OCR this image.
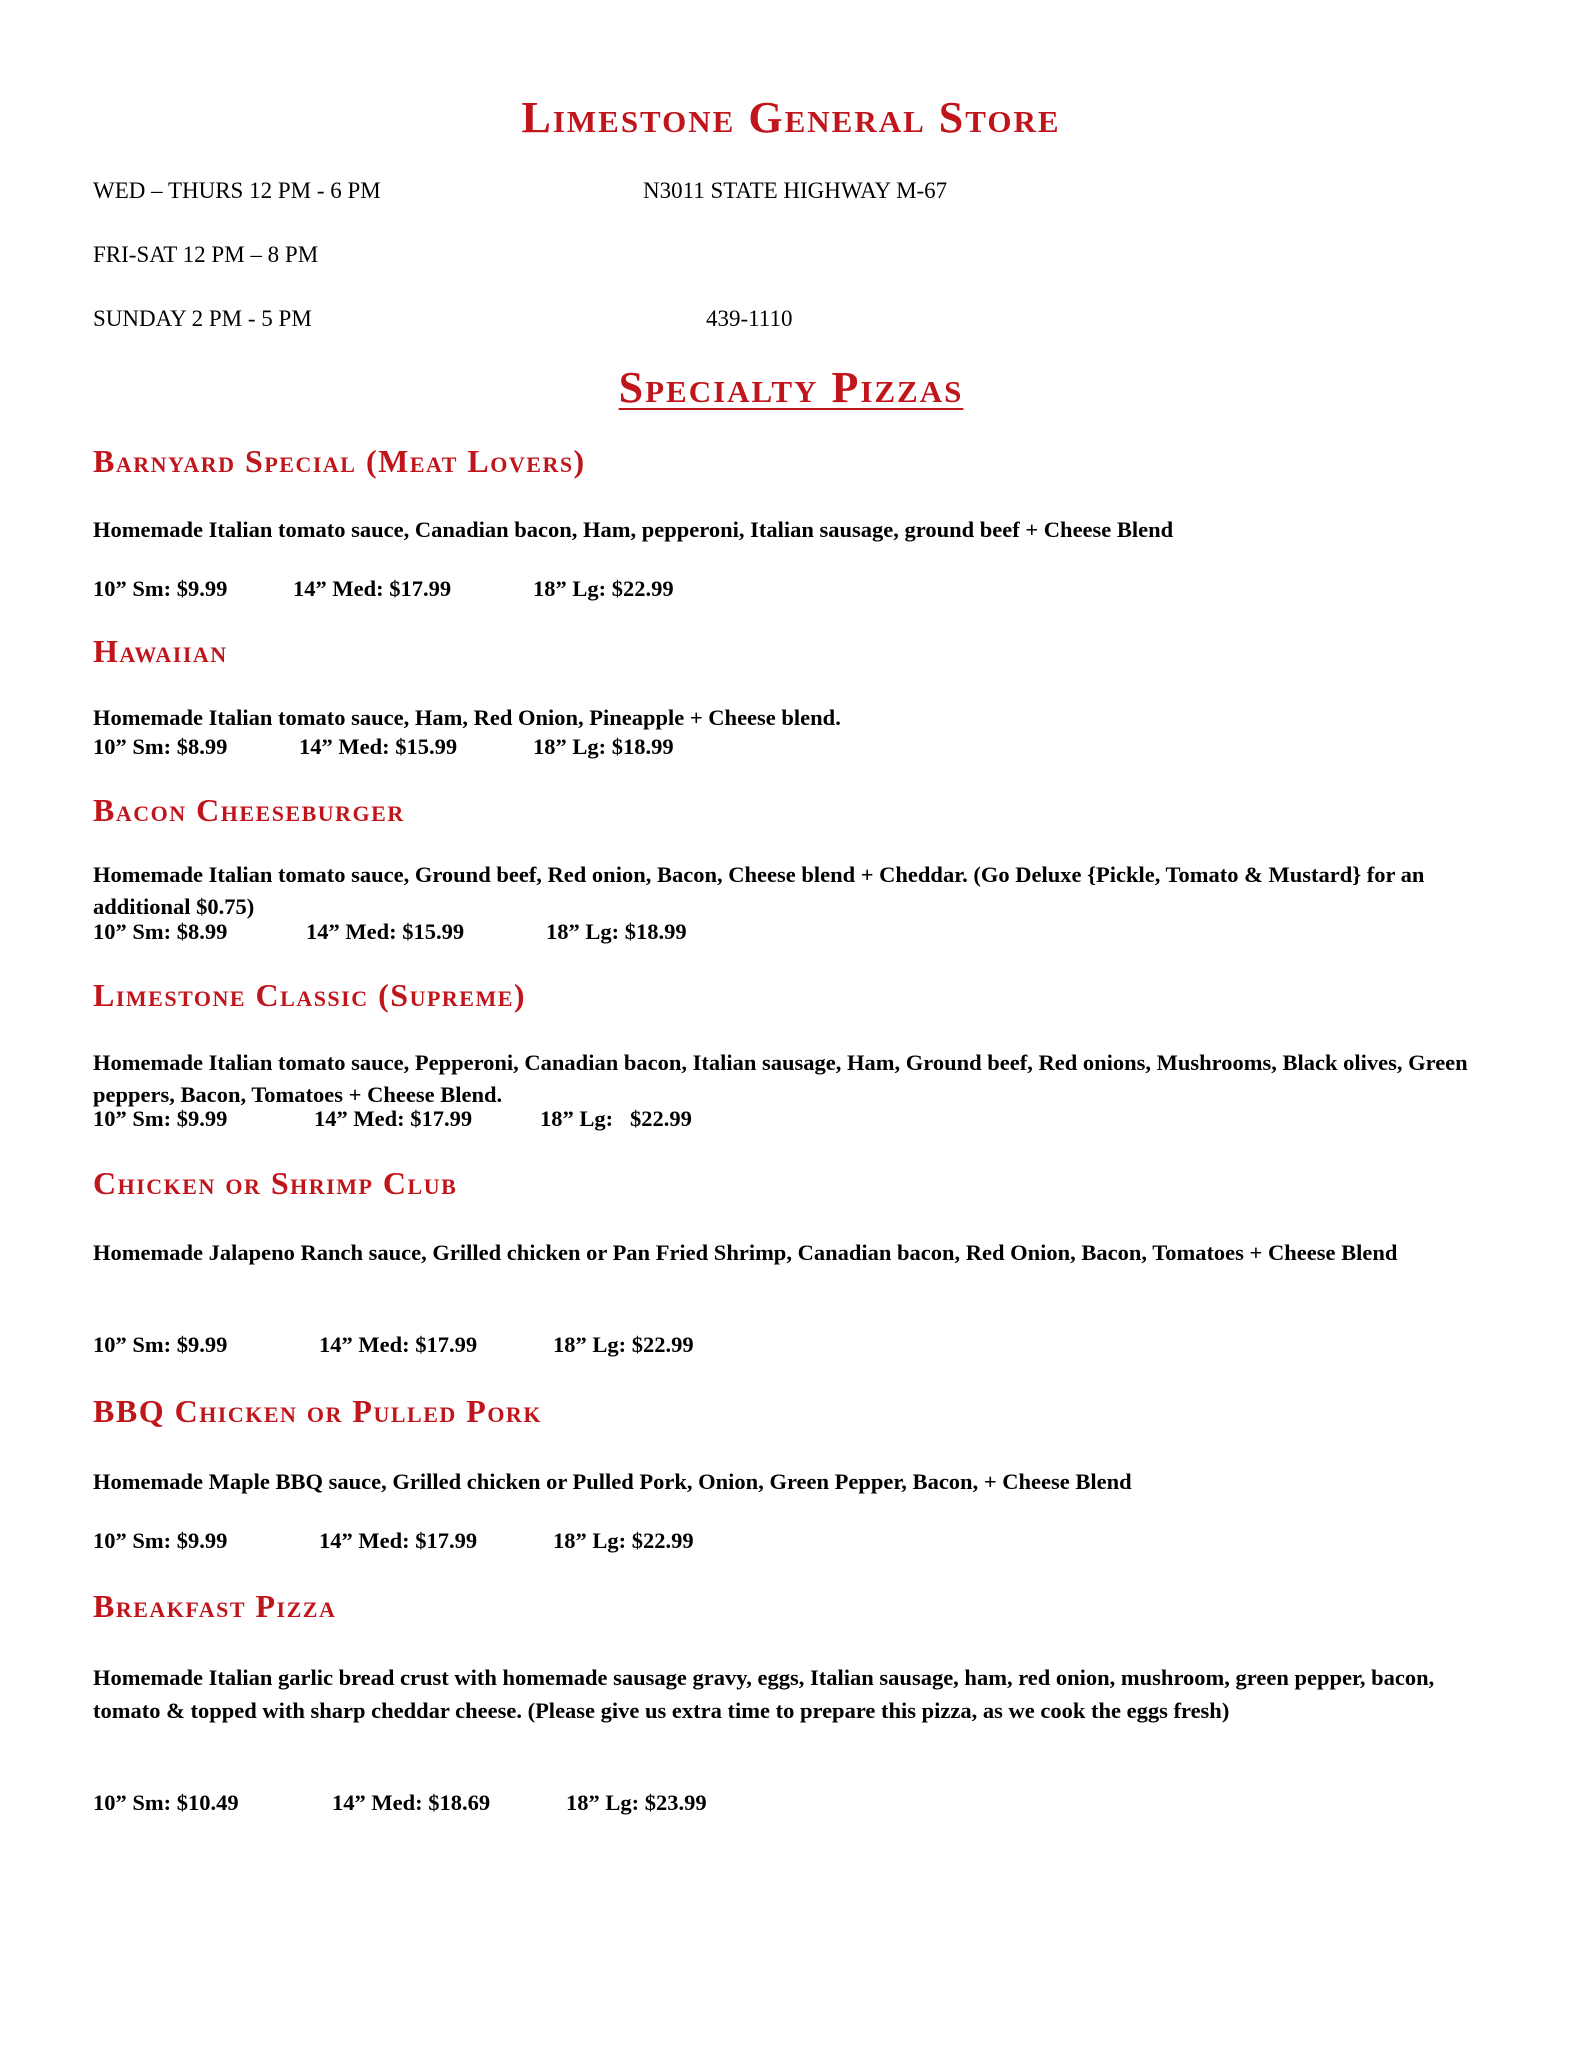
Limestone General Store
WED – THURS 12 PM - 6 PM	N3011 STATE HIGHWAY M-67
FRI-SAT 12 PM – 8 PM
SUNDAY 2 PM - 5 PM	439-1110
Specialty Pizzas
Barnyard Special (Meat Lovers)
Homemade Italian tomato sauce, Canadian bacon, Ham, pepperoni, Italian sausage, ground beef + Cheese Blend
10” Sm: $9.99	14” Med: $17.99	18” Lg: $22.99
Hawaiian
Homemade Italian tomato sauce, Ham, Red Onion, Pineapple + Cheese blend.
10” Sm: $8.99	14” Med: $15.99	18” Lg: $18.99
Bacon Cheeseburger
Homemade Italian tomato sauce, Ground beef, Red onion, Bacon, Cheese blend + Cheddar. (Go Deluxe {Pickle, Tomato & Mustard} for an additional $0.75)
10” Sm: $8.99	14” Med: $15.99	18” Lg: $18.99
Limestone Classic (Supreme)
Homemade Italian tomato sauce, Pepperoni, Canadian bacon, Italian sausage, Ham, Ground beef, Red onions, Mushrooms, Black olives, Green peppers, Bacon, Tomatoes + Cheese Blend.
10” Sm: $9.99	14” Med: $17.99	18” Lg:   $22.99
Chicken or Shrimp Club
Homemade Jalapeno Ranch sauce, Grilled chicken or Pan Fried Shrimp, Canadian bacon, Red Onion, Bacon, Tomatoes + Cheese Blend
10” Sm: $9.99	14” Med: $17.99	18” Lg: $22.99
BBQ Chicken or Pulled Pork
Homemade Maple BBQ sauce, Grilled chicken or Pulled Pork, Onion, Green Pepper, Bacon, + Cheese Blend
10” Sm: $9.99	14” Med: $17.99	18” Lg: $22.99
Breakfast Pizza
Homemade Italian garlic bread crust with homemade sausage gravy, eggs, Italian sausage, ham, red onion, mushroom, green pepper, bacon, tomato & topped with sharp cheddar cheese. (Please give us extra time to prepare this pizza, as we cook the eggs fresh)
10” Sm: $10.49	14” Med: $18.69	18” Lg: $23.99
